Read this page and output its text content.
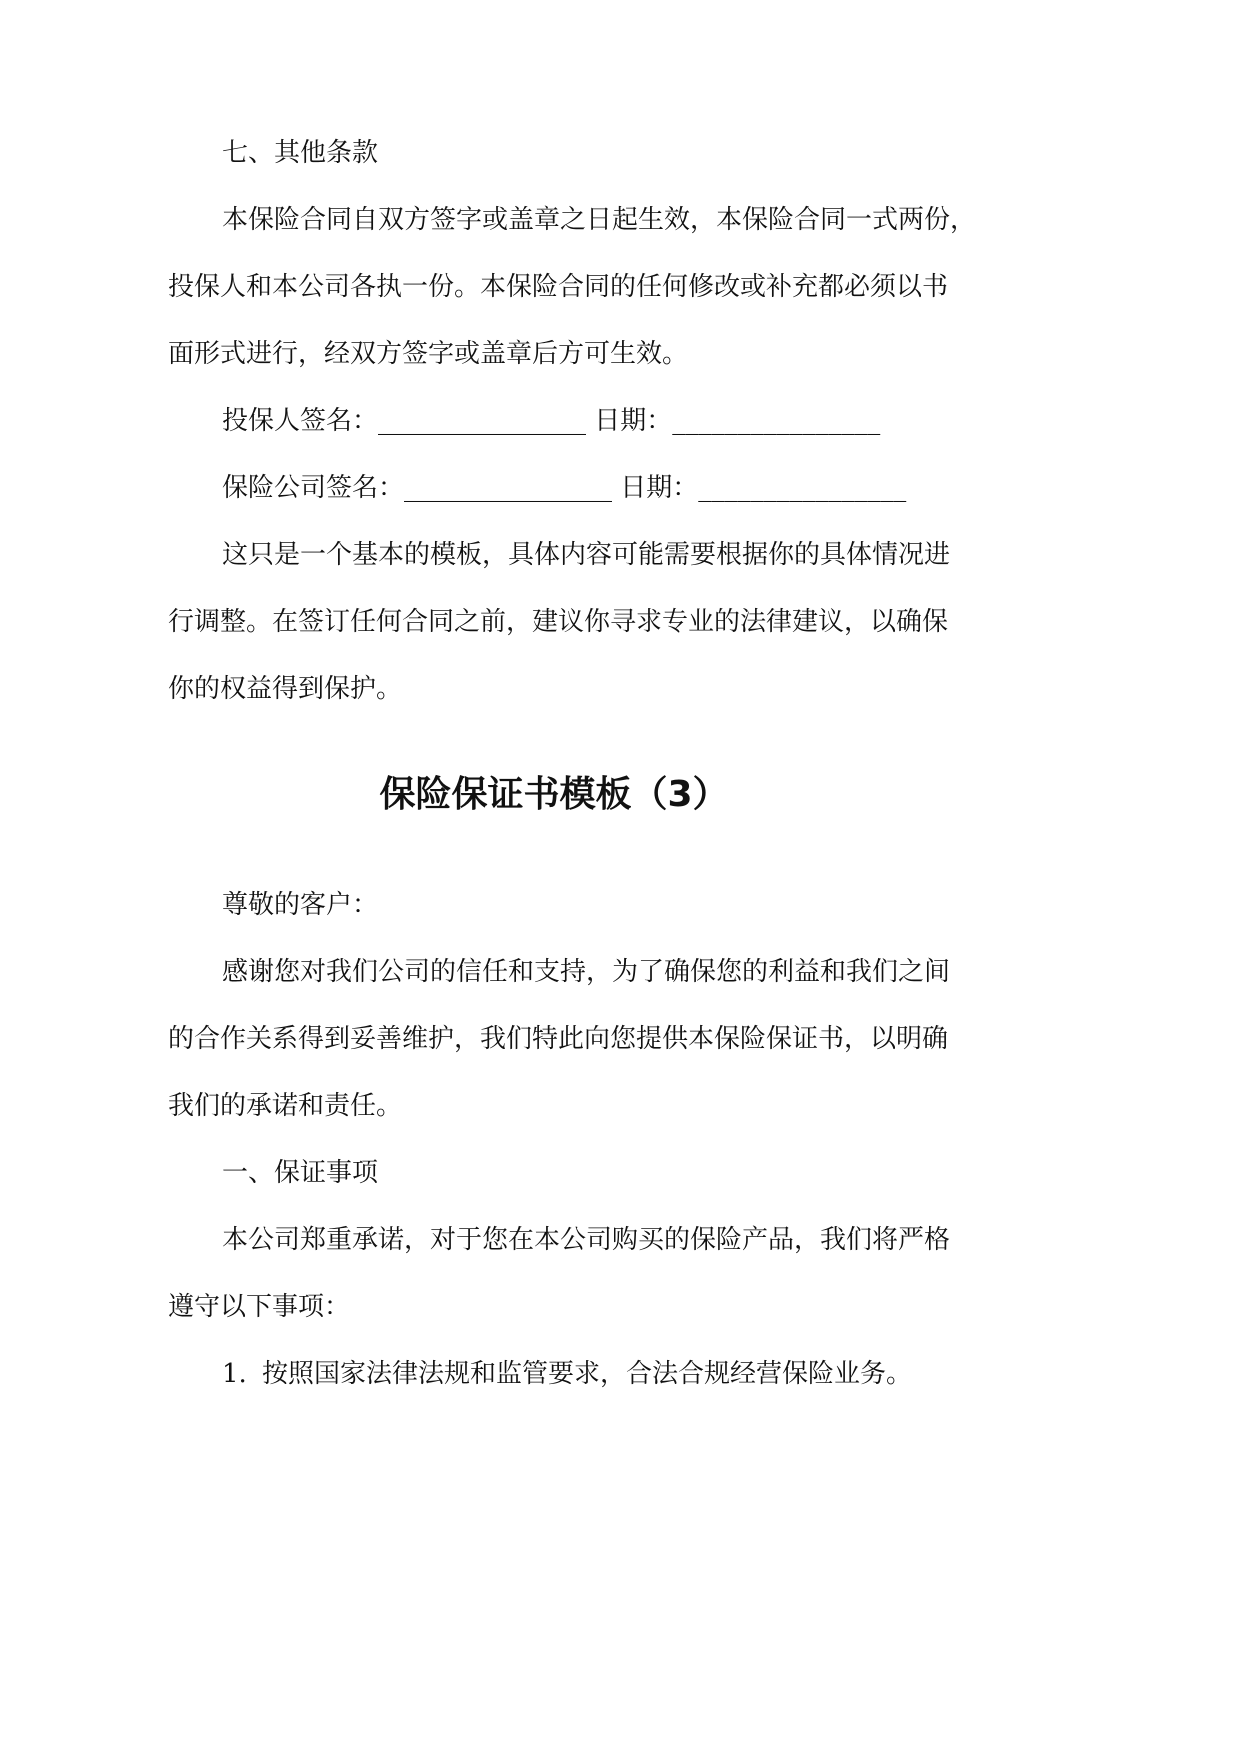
七、其他条款
本保险合同自双方签字或盖章之日起生效，本保险合同一式两份，
投保人和本公司各执一份。本保险合同的任何修改或补充都必须以书
面形式进行，经双方签字或盖章后方可生效。
投保人签名：________________ 日期：________________
保险公司签名：________________ 日期：________________
这只是一个基本的模板，具体内容可能需要根据你的具体情况进
行调整。在签订任何合同之前，建议你寻求专业的法律建议，以确保
你的权益得到保护。
保险保证书模板（3）
尊敬的客户：
感谢您对我们公司的信任和支持，为了确保您的利益和我们之间
的合作关系得到妥善维护，我们特此向您提供本保险保证书，以明确
我们的承诺和责任。
一、保证事项
本公司郑重承诺，对于您在本公司购买的保险产品，我们将严格
遵守以下事项：
1. 按照国家法律法规和监管要求，合法合规经营保险业务。
